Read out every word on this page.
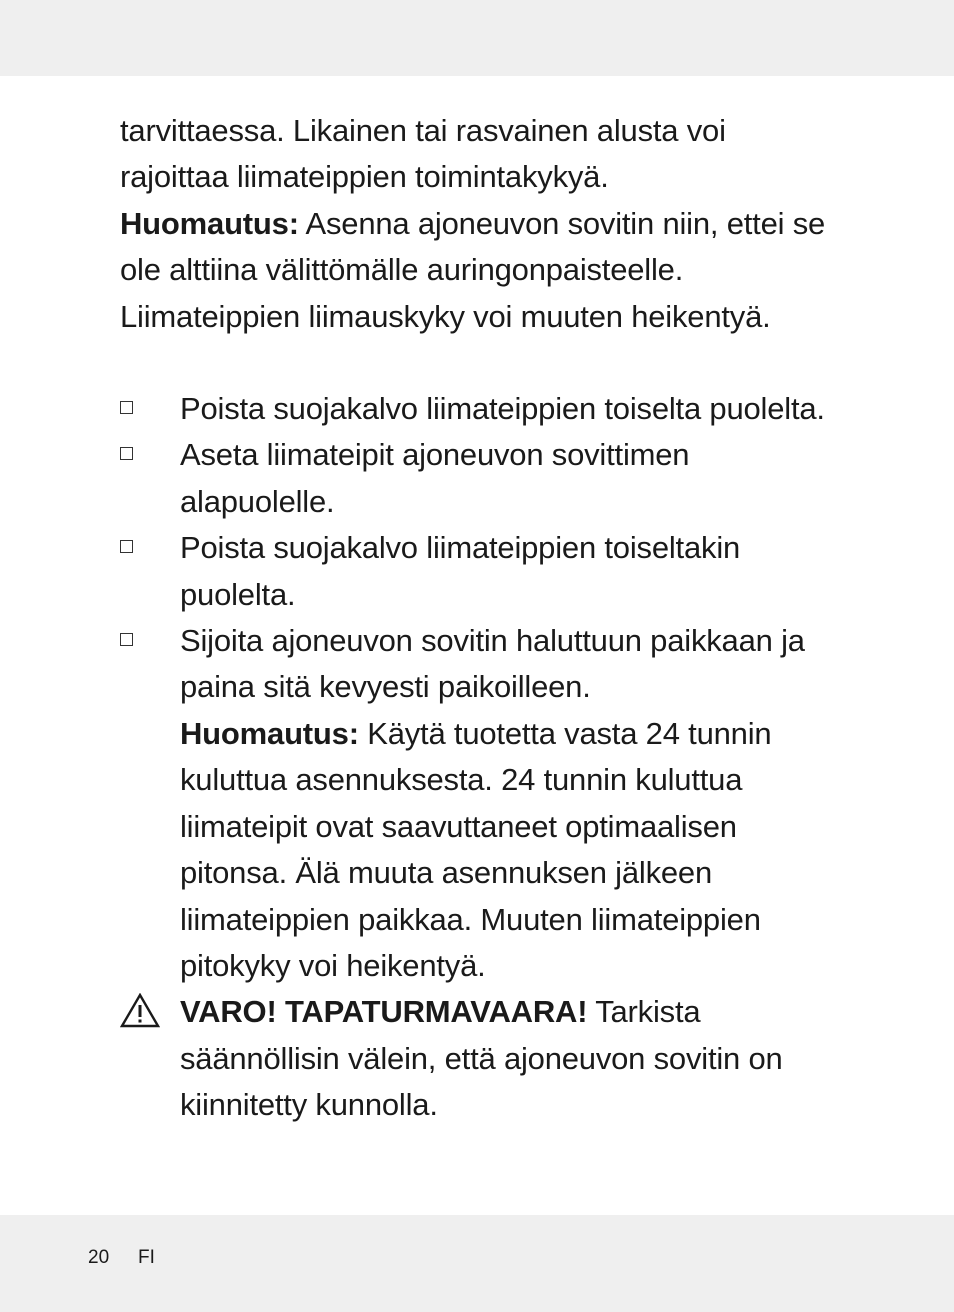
tarvittaessa. Likainen tai rasvainen alusta voi rajoittaa liimateippien toimintakykyä.

Huomautus: Asenna ajoneuvon sovitin niin, ettei se ole alttiina välittömälle auringonpaisteelle. Liimateippien liimauskyky voi muuten heikentyä.

Poista suojakalvo liimateippien toiselta puolelta.
Aseta liimateipit ajoneuvon sovittimen alapuolelle.
Poista suojakalvo liimateippien toiseltakin puolelta.
Sijoita ajoneuvon sovitin haluttuun paikkaan ja paina sitä kevyesti paikoilleen.
Huomautus: Käytä tuotetta vasta 24 tunnin kuluttua asennuksesta. 24 tunnin kuluttua liimateipit ovat saavuttaneet optimaalisen pitonsa. Älä muuta asennuksen jälkeen liimateippien paikkaa. Muuten liimateippien pitokyky voi heikentyä.
VARO! TAPATURMAVAARA! Tarkista säännöllisin välein, että ajoneuvon sovitin on kiinnitetty kunnolla.
20 FI
